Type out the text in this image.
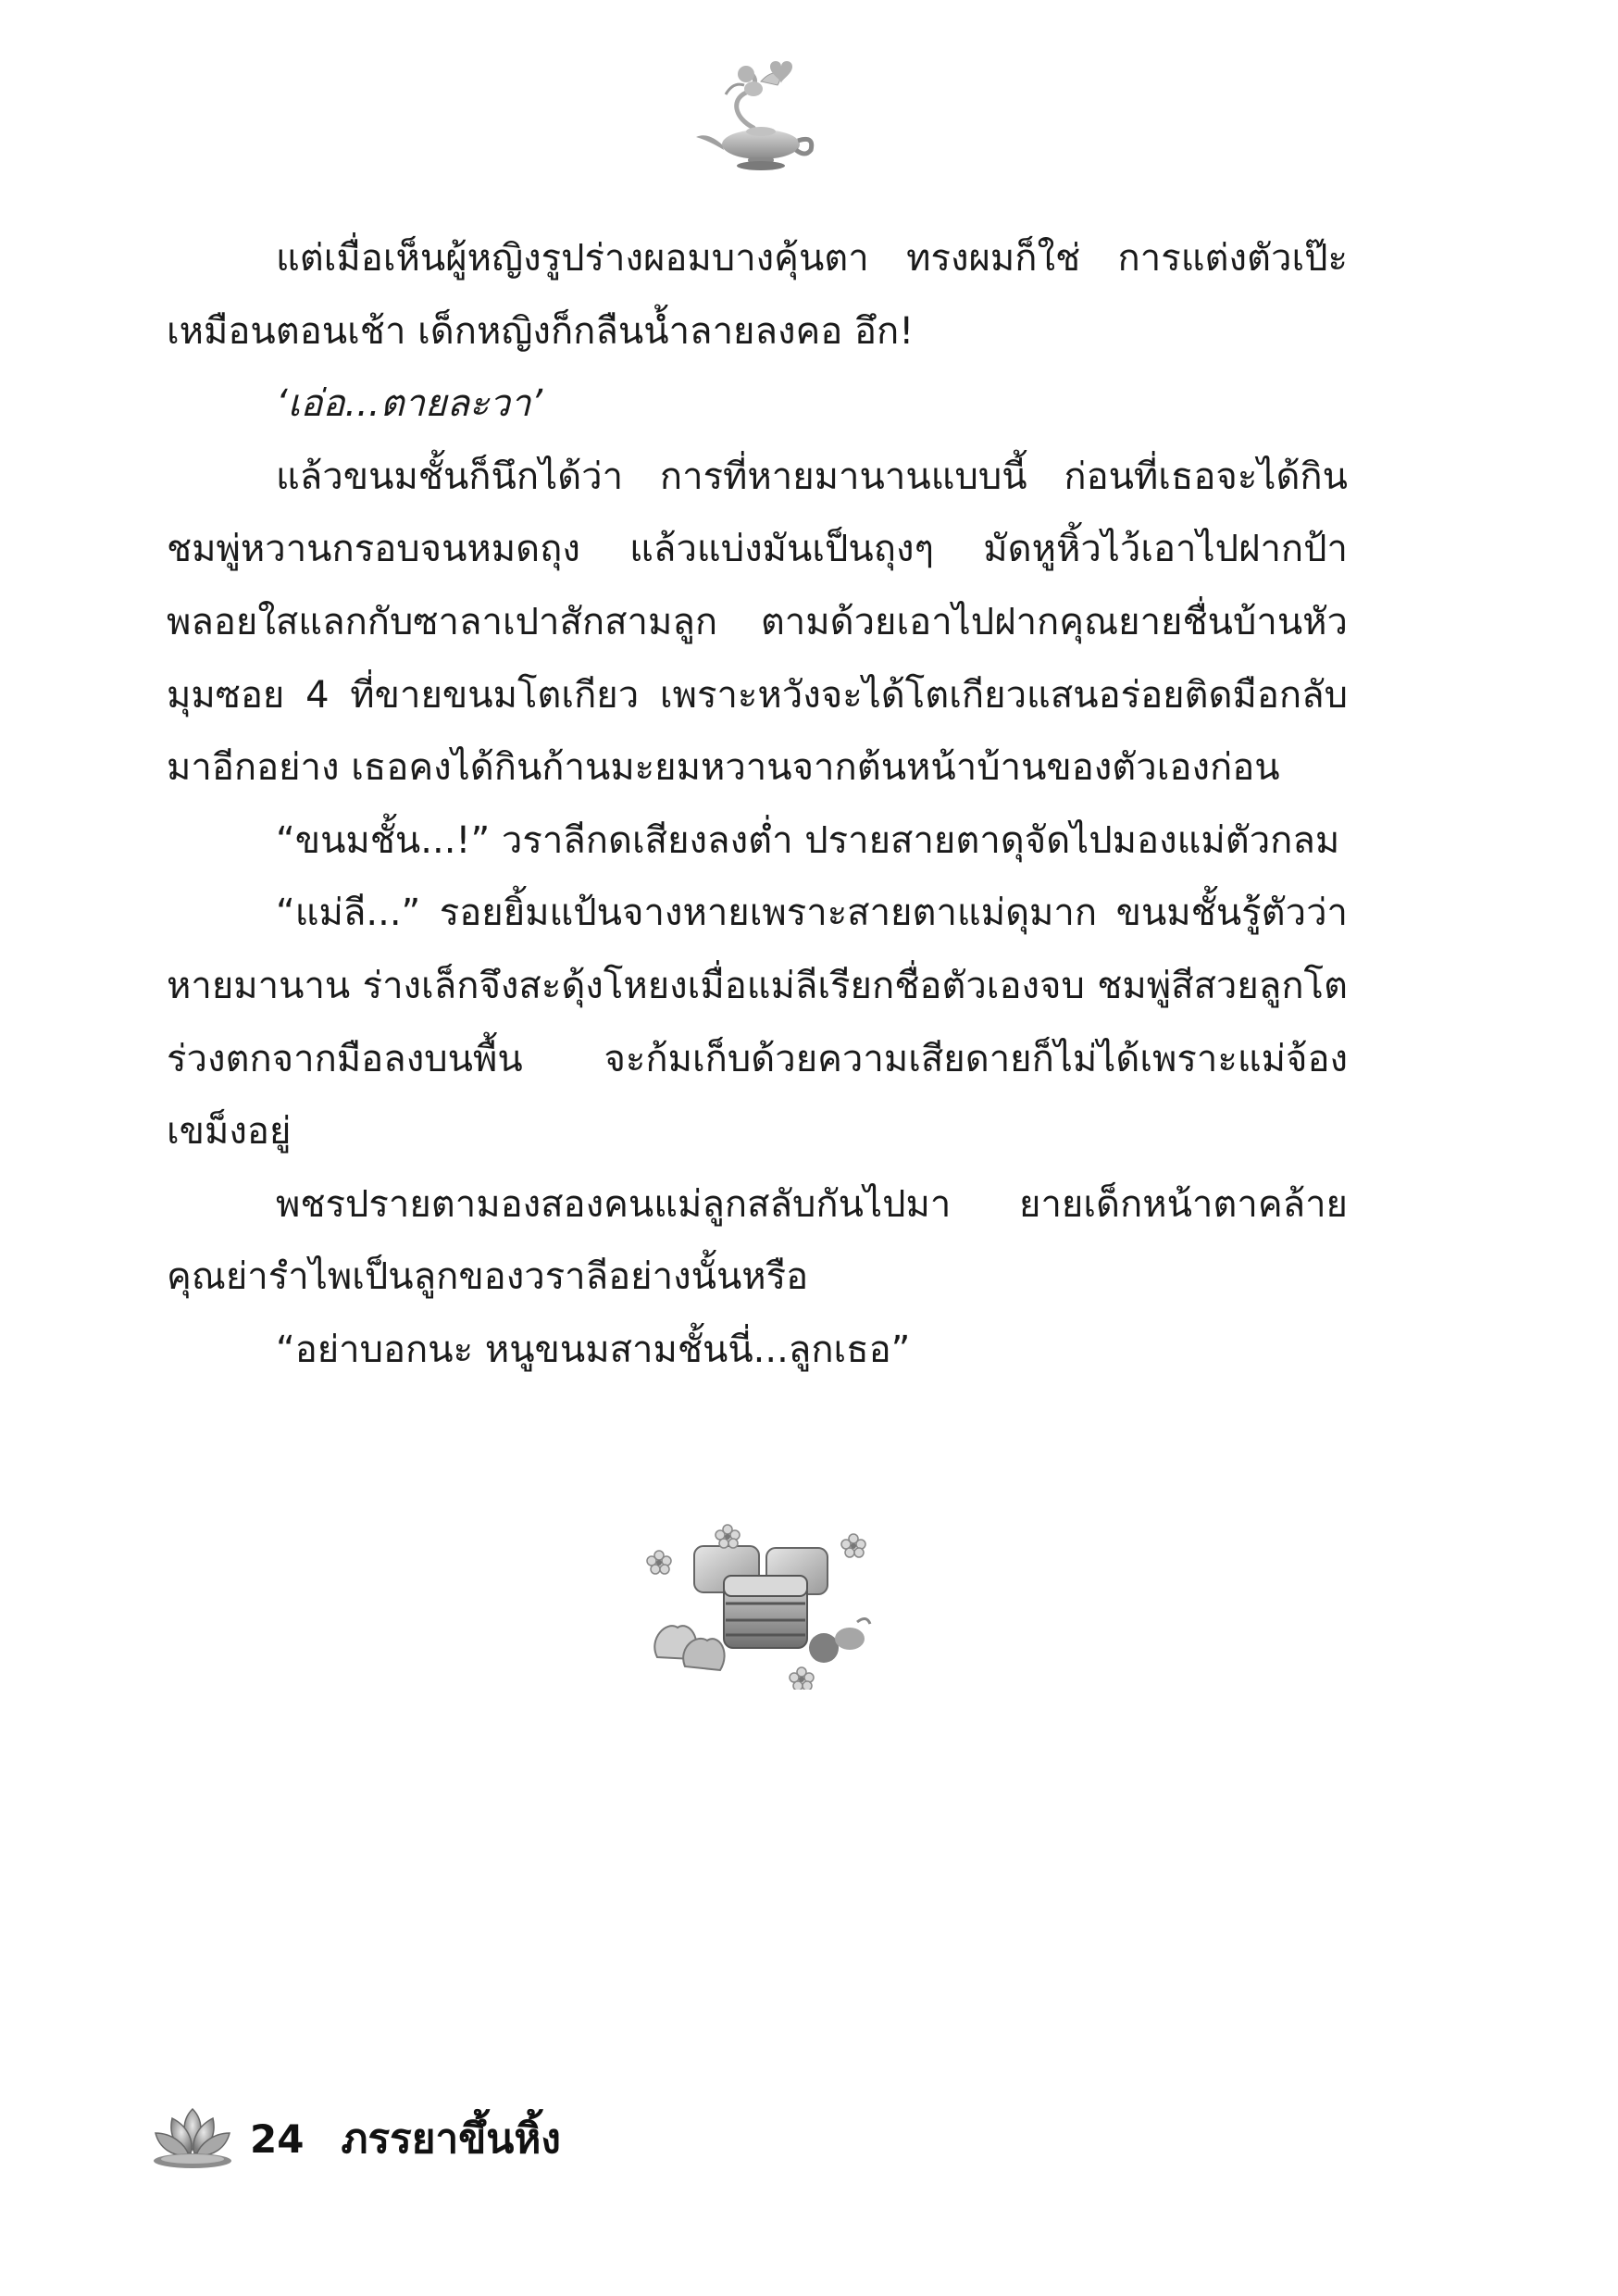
แต่เมื่อเห็นผู้หญิงรูปร่างผอมบางคุ้นตา ทรงผมก็ใช่ การแต่งตัวเป๊ะเหมือนตอนเช้า เด็กหญิงก็กลืนน้ำลายลงคอ อึก!

‘เอ่อ...ตายละวา’

แล้วขนมชั้นก็นึกได้ว่า การที่หายมานานแบบนี้ ก่อนที่เธอจะได้กินชมพู่หวานกรอบจนหมดถุง แล้วแบ่งมันเป็นถุงๆ มัดหูหิ้วไว้เอาไปฝากป้าพลอยใสแลกกับซาลาเปาสักสามลูก ตามด้วยเอาไปฝากคุณยายชื่นบ้านหัวมุมซอย 4 ที่ขายขนมโตเกียว เพราะหวังจะได้โตเกียวแสนอร่อยติดมือกลับมาอีกอย่าง เธอคงได้กินก้านมะยมหวานจากต้นหน้าบ้านของตัวเองก่อน

“ขนมชั้น...!” วราลีกดเสียงลงต่ำ ปรายสายตาดุจัดไปมองแม่ตัวกลม

“แม่ลี...” รอยยิ้มแป้นจางหายเพราะสายตาแม่ดุมาก ขนมชั้นรู้ตัวว่าหายมานาน ร่างเล็กจึงสะดุ้งโหยงเมื่อแม่ลีเรียกชื่อตัวเองจบ ชมพู่สีสวยลูกโตร่วงตกจากมือลงบนพื้น จะก้มเก็บด้วยความเสียดายก็ไม่ได้เพราะแม่จ้องเขม็งอยู่

พชรปรายตามองสองคนแม่ลูกสลับกันไปมา ยายเด็กหน้าตาคล้ายคุณย่ารำไพเป็นลูกของวราลีอย่างนั้นหรือ

“อย่าบอกนะ หนูขนมสามชั้นนี่...ลูกเธอ”

24 ภรรยาขึ้นหิ้ง
